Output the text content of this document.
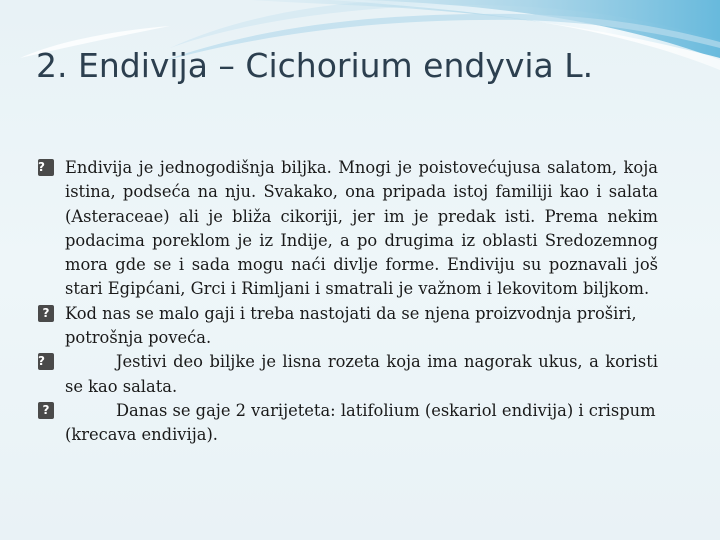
2. Endivija – Cichorium endyvia L.

?	Endivija je jednogodišnja biljka. Mnogi je poistovećujusa salatom, koja istina, podseća na nju. Svakako, ona pripada istoj familiji kao i salata (Asteraceae) ali je bliža cikoriji, jer im je predak isti. Prema nekim podacima poreklom je iz Indije, a po drugima iz oblasti Sredozemnog mora gde se i sada mogu naći divlje forme. Endiviju su poznavali još stari Egipćani, Grci i Rimljani i smatrali je važnom i lekovitom biljkom.

? Kod nas se malo gaji i treba nastojati da se njena proizvodnja proširi, potrošnja poveća.

?	Jestivi deo biljke je lisna rozeta koja ima nagorak ukus, a koristi se kao salata.

?	Danas se gaje 2 varijeteta: latifolium (eskariol endivija) i crispum (krecava endivija).
